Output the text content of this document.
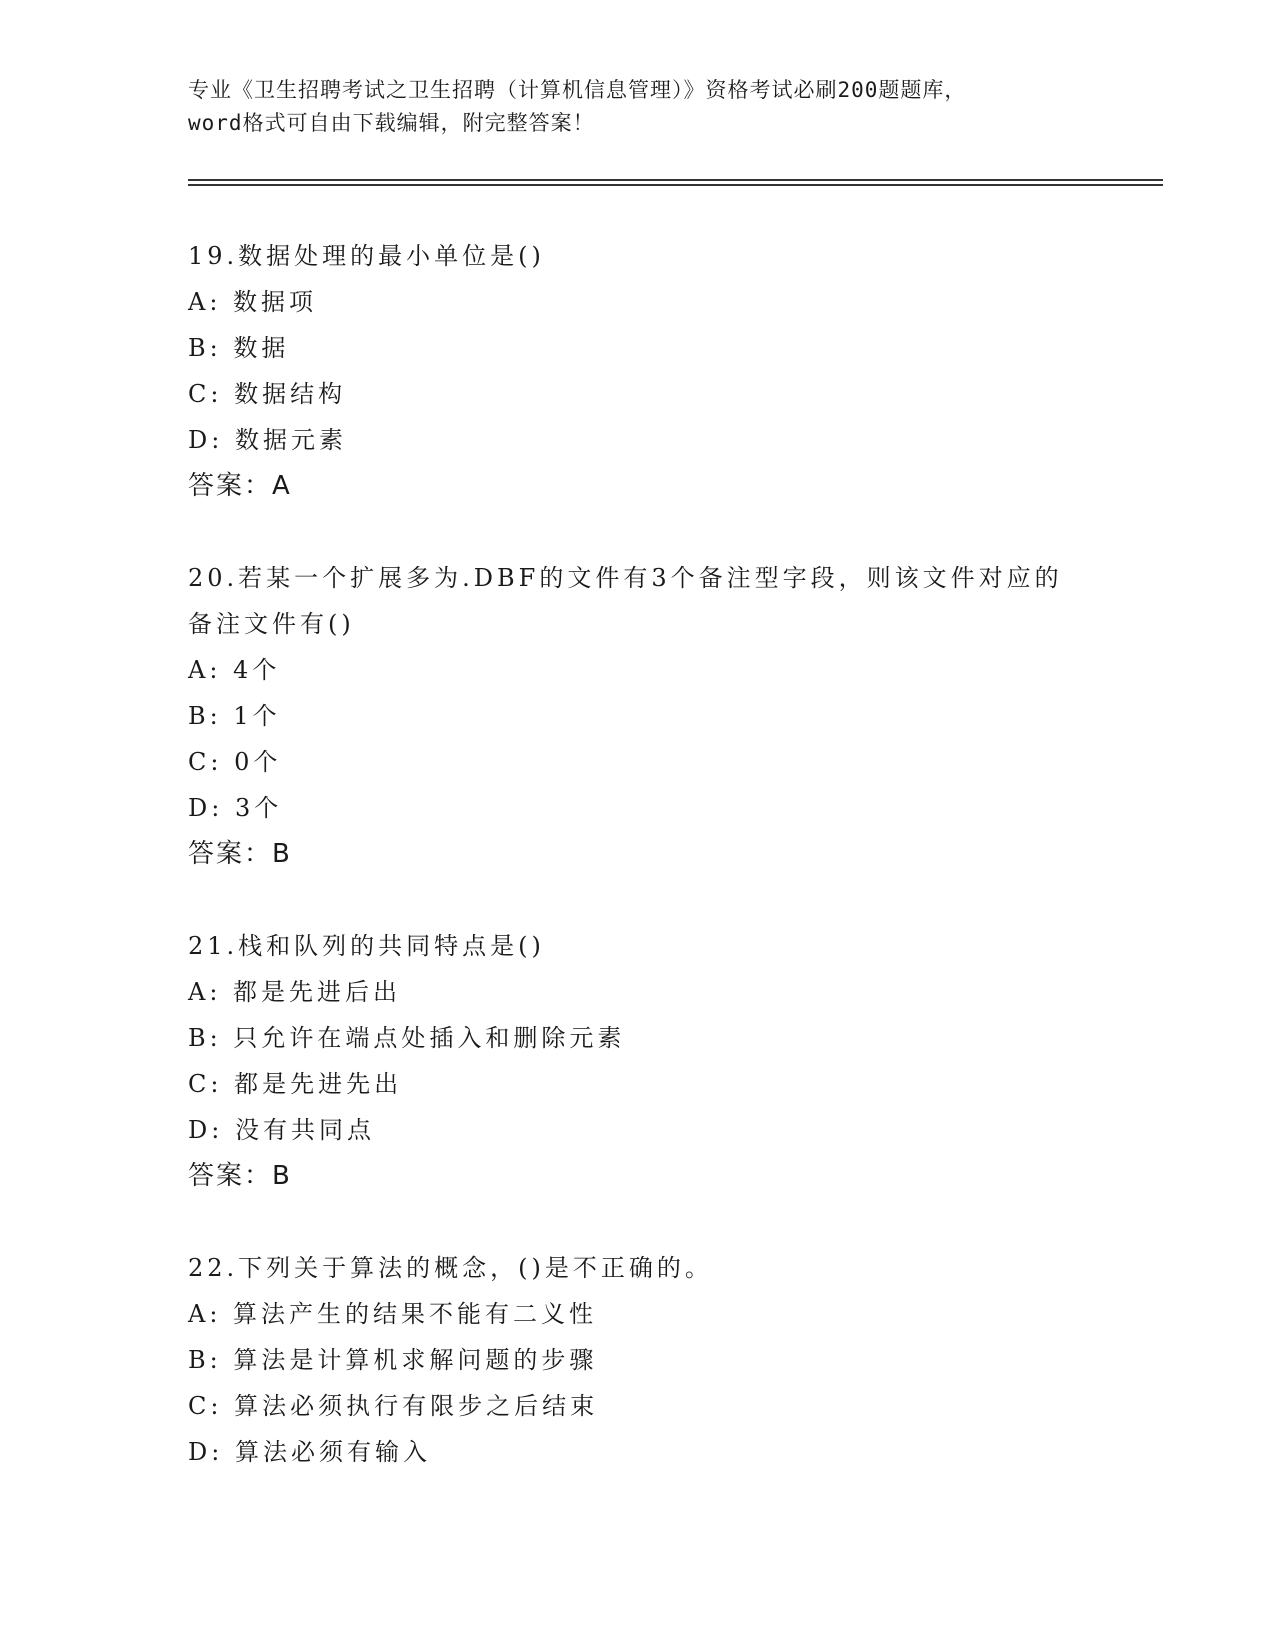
专业《卫生招聘考试之卫生招聘（计算机信息管理）》资格考试必刷200题题库，
word格式可自由下载编辑，附完整答案！
19.数据处理的最小单位是()
A: 数据项
B: 数据
C: 数据结构
D: 数据元素
答案：A
20.若某一个扩展多为.DBF的文件有3个备注型字段，则该文件对应的
备注文件有()
A: 4个
B: 1个
C: 0个
D: 3个
答案：B
21.栈和队列的共同特点是()
A: 都是先进后出
B: 只允许在端点处插入和删除元素
C: 都是先进先出
D: 没有共同点
答案：B
22.下列关于算法的概念，()是不正确的。
A: 算法产生的结果不能有二义性
B: 算法是计算机求解问题的步骤
C: 算法必须执行有限步之后结束
D: 算法必须有输入
